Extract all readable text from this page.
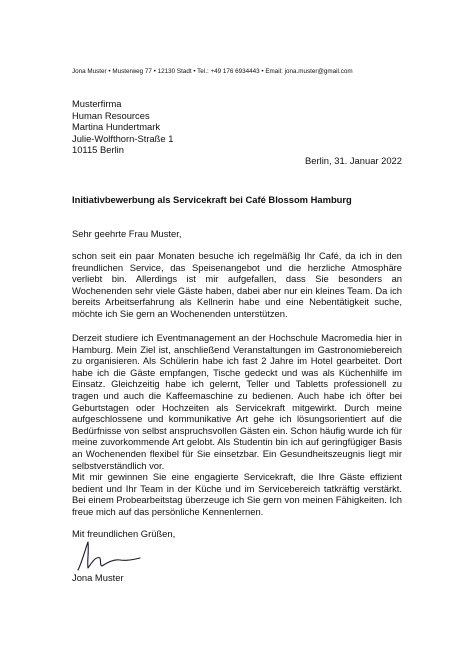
Jona Muster • Musterweg 77 • 12130 Stadt • Tel.: +49 176 6934443 • Email: jona.muster@gmail.com
Musterfirma
Human Resources
Martina Hundertmark
Julie-Wolfthorn-Straße 1
10115 Berlin
Berlin, 31. Januar 2022
Initiativbewerbung als Servicekraft bei Café Blossom Hamburg
Sehr geehrte Frau Muster,
schon seit ein paar Monaten besuche ich regelmäßig Ihr Café, da ich in den freundlichen Service, das Speisenangebot und die herzliche Atmosphäre verliebt bin. Allerdings ist mir aufgefallen, dass Sie besonders an Wochenenden sehr viele Gäste haben, dabei aber nur ein kleines Team. Da ich bereits Arbeitserfahrung als Kellnerin habe und eine Nebentätigkeit suche, möchte ich Sie gern an Wochenenden unterstützen.
Derzeit studiere ich Eventmanagement an der Hochschule Macromedia hier in Hamburg. Mein Ziel ist, anschließend Veranstaltungen im Gastronomiebereich zu organisieren. Als Schülerin habe ich fast 2 Jahre im Hotel gearbeitet. Dort habe ich die Gäste empfangen, Tische gedeckt und was als Küchenhilfe im Einsatz. Gleichzeitig habe ich gelernt, Teller und Tabletts professionell zu tragen und auch die Kaffeemaschine zu bedienen. Auch habe ich öfter bei Geburtstagen oder Hochzeiten als Servicekraft mitgewirkt. Durch meine aufgeschlossene und kommunikative Art gehe ich lösungsorientiert auf die Bedürfnisse von selbst anspruchsvollen Gästen ein. Schon häufig wurde ich für meine zuvorkommende Art gelobt. Als Studentin bin ich auf geringfügiger Basis an Wochenenden flexibel für Sie einsetzbar. Ein Gesundheitszeugnis liegt mir selbstverständlich vor.
Mit mir gewinnen Sie eine engagierte Servicekraft, die Ihre Gäste effizient bedient und Ihr Team in der Küche und im Servicebereich tatkräftig verstärkt. Bei einem Probearbeitstag überzeuge ich Sie gern von meinen Fähigkeiten. Ich freue mich auf das persönliche Kennenlernen.
Mit freundlichen Grüßen,
Jona Muster
